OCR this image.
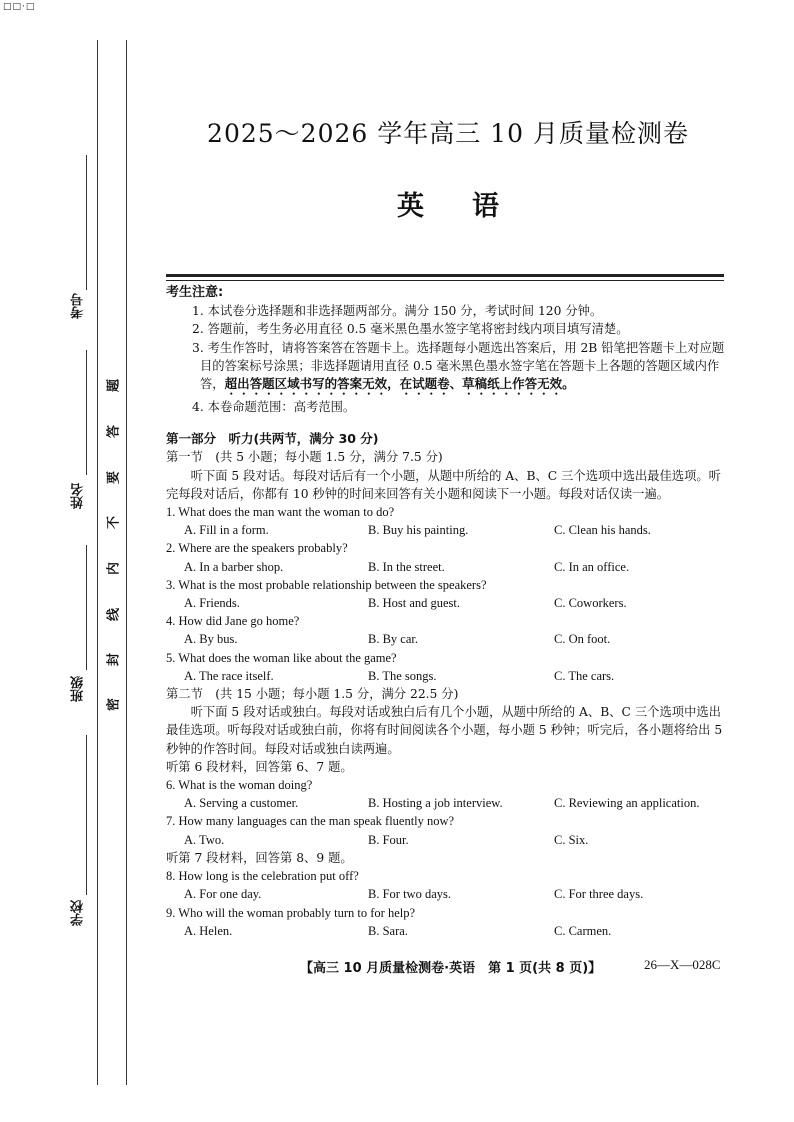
□□·□
考号
姓名
班级
学校
题
答
要
不
内
线
封
密
2025～2026 学年高三 10 月质量检测卷
英语
考生注意:
1. 本试卷分选择题和非选择题两部分。满分 150 分，考试时间 120 分钟。
2. 答题前，考生务必用直径 0.5 毫米黑色墨水签字笔将密封线内项目填写清楚。
3. 考生作答时，请将答案答在答题卡上。选择题每小题选出答案后，用 2B 铅笔把答题卡上对应题目的答案标号涂黑；非选择题请用直径 0.5 毫米黑色墨水签字笔在答题卡上各题的答题区域内作答，超出答题区域书写的答案无效，在试题卷、草稿纸上作答无效。
4. 本卷命题范围：高考范围。
第一部分　听力(共两节，满分 30 分)
第一节　(共 5 小题；每小题 1.5 分，满分 7.5 分)
听下面 5 段对话。每段对话后有一个小题，从题中所给的 A、B、C 三个选项中选出最佳选项。听完每段对话后，你都有 10 秒钟的时间来回答有关小题和阅读下一小题。每段对话仅读一遍。
1. What does the man want the woman to do?
A. Fill in a form.	B. Buy his painting.	C. Clean his hands.
2. Where are the speakers probably?
A. In a barber shop.	B. In the street.	C. In an office.
3. What is the most probable relationship between the speakers?
A. Friends.	B. Host and guest.	C. Coworkers.
4. How did Jane go home?
A. By bus.	B. By car.	C. On foot.
5. What does the woman like about the game?
A. The race itself.	B. The songs.	C. The cars.
第二节　(共 15 小题；每小题 1.5 分，满分 22.5 分)
听下面 5 段对话或独白。每段对话或独白后有几个小题，从题中所给的 A、B、C 三个选项中选出最佳选项。听每段对话或独白前，你将有时间阅读各个小题，每小题 5 秒钟；听完后，各小题将给出 5 秒钟的作答时间。每段对话或独白读两遍。
听第 6 段材料，回答第 6、7 题。
6. What is the woman doing?
A. Serving a customer.	B. Hosting a job interview.	C. Reviewing an application.
7. How many languages can the man speak fluently now?
A. Two.	B. Four.	C. Six.
听第 7 段材料，回答第 8、9 题。
8. How long is the celebration put off?
A. For one day.	B. For two days.	C. For three days.
9. Who will the woman probably turn to for help?
A. Helen.	B. Sara.	C. Carmen.
【高三 10 月质量检测卷·英语　第 1 页(共 8 页)】	26—X—028C
